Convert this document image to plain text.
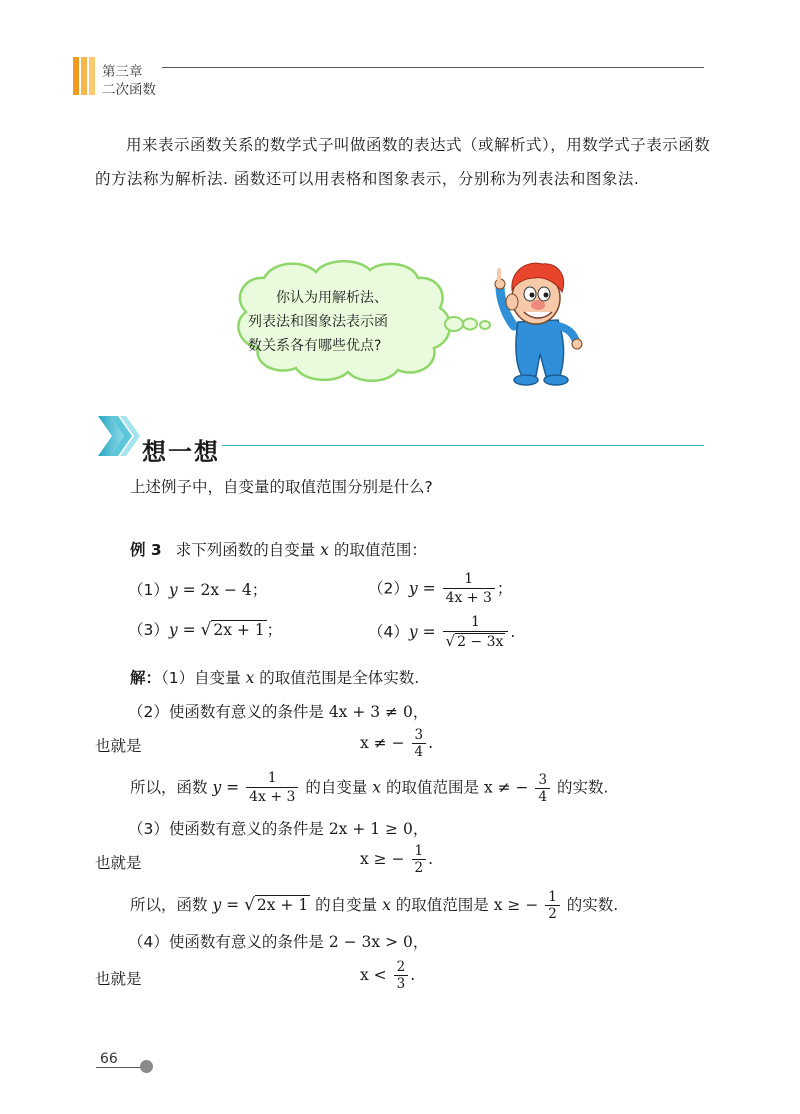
第三章
二次函数
用来表示函数关系的数学式子叫做函数的表达式（或解析式），用数学式子表示函数的方法称为解析法. 函数还可以用表格和图象表示，分别称为列表法和图象法.
你认为用解析法、
列表法和图象法表示函
数关系各有哪些优点?
想一想
上述例子中，自变量的取值范围分别是什么?
例 3 求下列函数的自变量 x 的取值范围：
（1）y = 2x − 4；	$(2)y = \frac{1}{4x + 3}$ ；
（3）y = √ 2x + 1 ；	$(4)y = \frac{1}{√ 2 - 3x}$ .
解：（1）自变量 x 的取值范围是全体实数.
（2）使函数有意义的条件是 4x + 3 ≠ 0，
也就是	x ≠ − $\frac{3}{4}$ .
所以，函数 $y = \frac{1}{4x + 3}$ 的自变量 x 的取值范围是 x ≠ − $\frac{3}{4}$ 的实数.
（3）使函数有意义的条件是 2x + 1 ≥ 0，
也就是	x ≥ − $\frac{1}{2}$ .
所以，函数 y = √ 2x + 1 的自变量 x 的取值范围是 x ≥ − $\frac{1}{2}$ 的实数.
（4）使函数有意义的条件是 2 − 3x > 0，
也就是	$x < \frac{2}{3}$ .
66
